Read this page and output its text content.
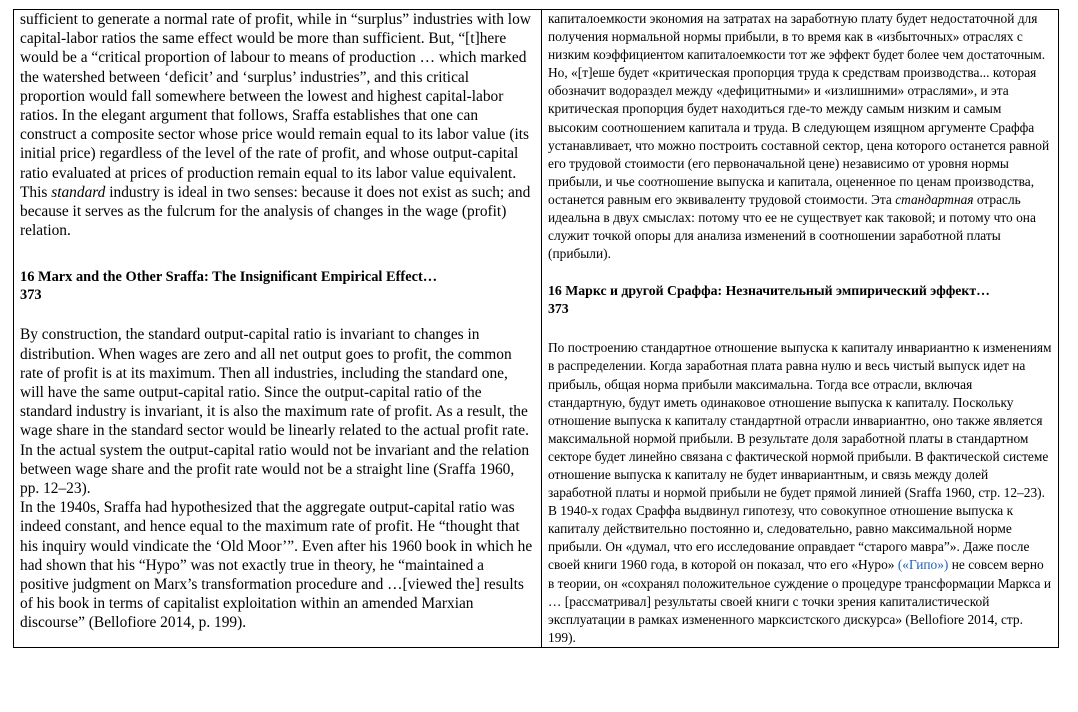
sufficient to generate a normal rate of profit, while in “surplus” industries with low capital-labor ratios the same effect would be more than sufficient. But, “[t]here would be a “critical proportion of labour to means of production … which marked the watershed between ‘deficit’ and ‘surplus’ industries”, and this critical proportion would fall somewhere between the lowest and highest capital-labor ratios. In the elegant argument that follows, Sraffa establishes that one can construct a composite sector whose price would remain equal to its labor value (its initial price) regardless of the level of the rate of profit, and whose output-capital ratio evaluated at prices of production remain equal to its labor value equivalent. This standard industry is ideal in two senses: because it does not exist as such; and because it serves as the fulcrum for the analysis of changes in the wage (profit) relation.

16 Marx and the Other Sraffa: The Insignificant Empirical Effect…
373

By construction, the standard output-capital ratio is invariant to changes in distribution. When wages are zero and all net output goes to profit, the common rate of profit is at its maximum. Then all industries, including the standard one, will have the same output-capital ratio. Since the output-capital ratio of the standard industry is invariant, it is also the maximum rate of profit. As a result, the wage share in the standard sector would be linearly related to the actual profit rate. In the actual system the output-capital ratio would not be invariant and the relation between wage share and the profit rate would not be a straight line (Sraffa 1960, pp. 12–23).

In the 1940s, Sraffa had hypothesized that the aggregate output-capital ratio was indeed constant, and hence equal to the maximum rate of profit. He “thought that his inquiry would vindicate the ‘Old Moor’”. Even after his 1960 book in which he had shown that his “Hypo” was not exactly true in theory, he “maintained a positive judgment on Marx’s transformation procedure and …[viewed the] results of his book in terms of capitalist exploitation within an amended Marxian discourse” (Bellofiore 2014, p. 199).

капиталоемкости экономия на затратах на заработную плату будет недостаточной для получения нормальной нормы прибыли, в то время как в «избыточных» отраслях с низким коэффициентом капиталоемкости тот же эффект будет более чем достаточным. Но, «[т]еше будет «критическая пропорция труда к средствам производства... которая обозначит водораздел между «дефицитными» и «излишними» отраслями», и эта критическая пропорция будет находиться где-то между самым низким и самым высоким соотношением капитала и труда. В следующем изящном аргументе Сраффа устанавливает, что можно построить составной сектор, цена которого останется равной его трудовой стоимости (его первоначальной цене) независимо от уровня нормы прибыли, и чье соотношение выпуска и капитала, оцененное по ценам производства, останется равным его эквиваленту трудовой стоимости. Эта стандартная отрасль идеальна в двух смыслах: потому что ее не существует как таковой; и потому что она служит точкой опоры для анализа изменений в соотношении заработной платы (прибыли).

16 Маркс и другой Сраффа: Незначительный эмпирический эффект…
373

По построению стандартное отношение выпуска к капиталу инвариантно к изменениям в распределении. Когда заработная плата равна нулю и весь чистый выпуск идет на прибыль, общая норма прибыли максимальна. Тогда все отрасли, включая стандартную, будут иметь одинаковое отношение выпуска к капиталу. Поскольку отношение выпуска к капиталу стандартной отрасли инвариантно, оно также является максимальной нормой прибыли. В результате доля заработной платы в стандартном секторе будет линейно связана с фактической нормой прибыли. В фактической системе отношение выпуска к капиталу не будет инвариантным, и связь между долей заработной платы и нормой прибыли не будет прямой линией (Sraffa 1960, стр. 12–23).

В 1940-х годах Сраффа выдвинул гипотезу, что совокупное отношение выпуска к капиталу действительно постоянно и, следовательно, равно максимальной норме прибыли. Он «думал, что его исследование оправдает “старого мавра”». Даже после своей книги 1960 года, в которой он показал, что его «Hypo» («Гипо») не совсем верно в теории, он «сохранял положительное суждение о процедуре трансформации Маркса и … [рассматривал] результаты своей книги с точки зрения капиталистической эксплуатации в рамках измененного марксистского дискурса» (Bellofiore 2014, стр. 199).
